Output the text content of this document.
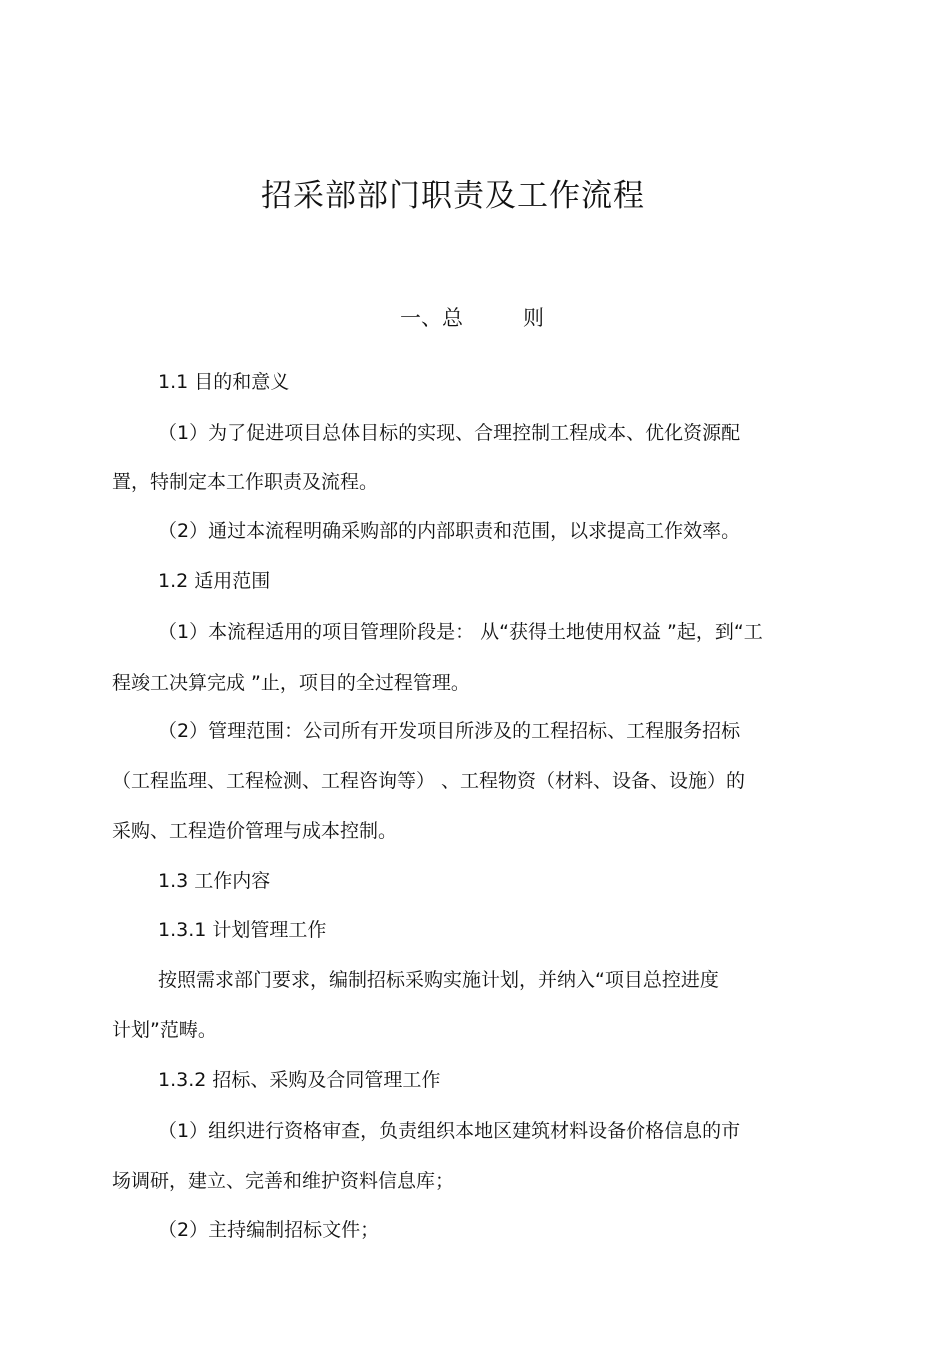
招采部部门职责及工作流程
一、总	则
1.1 目的和意义
（1）为了促进项目总体目标的实现、合理控制工程成本、优化资源配
置，特制定本工作职责及流程。
（2）通过本流程明确采购部的内部职责和范围，以求提高工作效率。
1.2 适用范围
（1）本流程适用的项目管理阶段是： 从“获得土地使用权益 ”起，到“工
程竣工决算完成 ”止，项目的全过程管理。
（2）管理范围：公司所有开发项目所涉及的工程招标、工程服务招标
（工程监理、工程检测、工程咨询等） 、工程物资（材料、设备、设施）的
采购、工程造价管理与成本控制。
1.3 工作内容
1.3.1 计划管理工作
按照需求部门要求，编制招标采购实施计划，并纳入“项目总控进度
计划”范畴。
1.3.2 招标、采购及合同管理工作
（1）组织进行资格审查，负责组织本地区建筑材料设备价格信息的市
场调研，建立、完善和维护资料信息库；
（2）主持编制招标文件；
